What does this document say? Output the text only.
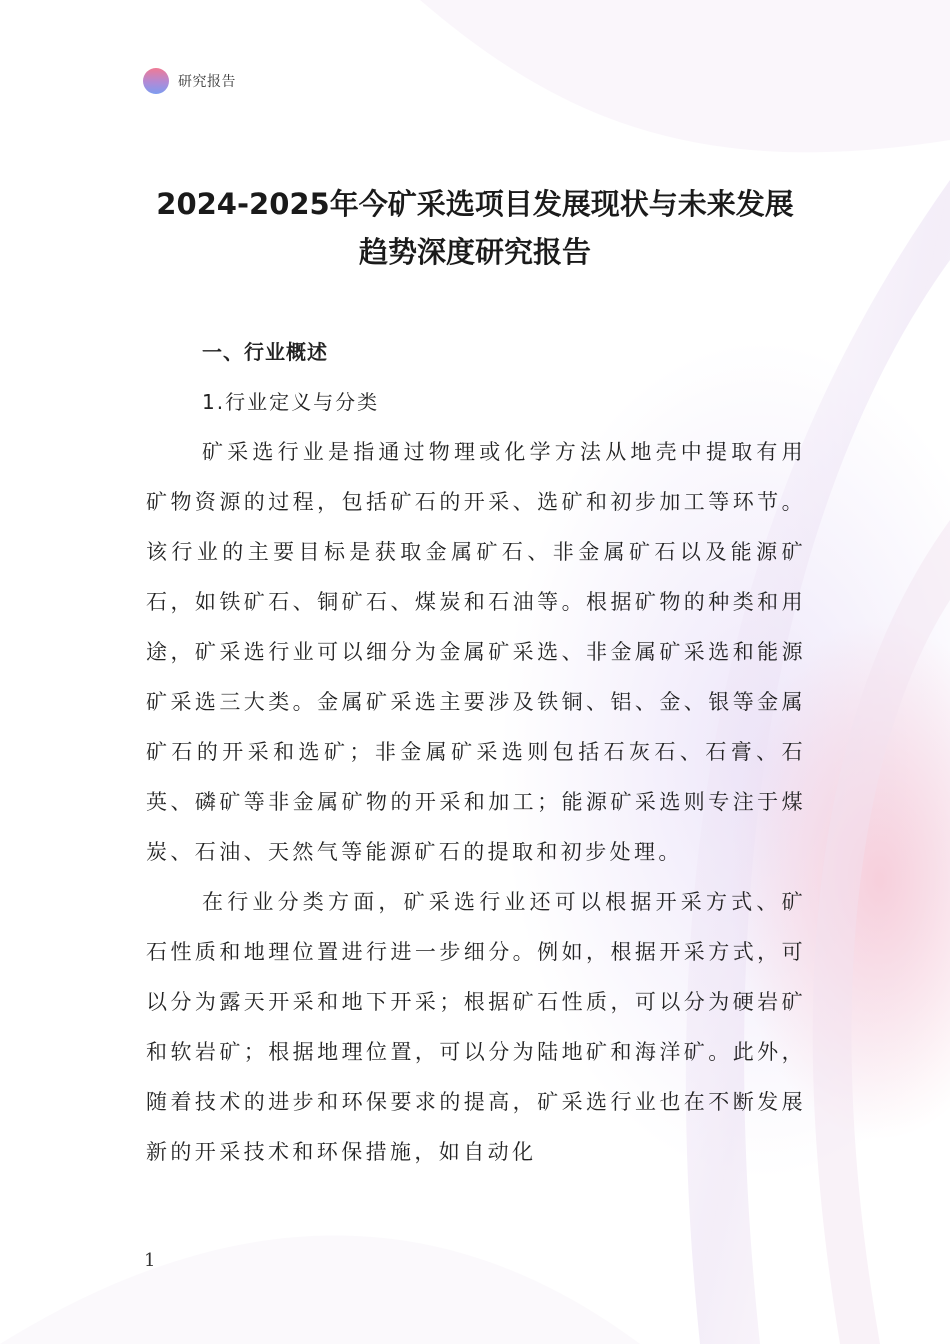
研究报告
2024-2025年今矿采选项目发展现状与未来发展
趋势深度研究报告

一、行业概述

1.行业定义与分类

矿采选行业是指通过物理或化学方法从地壳中提取有用矿物资源的过程，包括矿石的开采、选矿和初步加工等环节。该行业的主要目标是获取金属矿石、非金属矿石以及能源矿石，如铁矿石、铜矿石、煤炭和石油等。根据矿物的种类和用途，矿采选行业可以细分为金属矿采选、非金属矿采选和能源矿采选三大类。金属矿采选主要涉及铁铜、铝、金、银等金属矿石的开采和选矿；非金属矿采选则包括石灰石、石膏、石英、磷矿等非金属矿物的开采和加工；能源矿采选则专注于煤炭、石油、天然气等能源矿石的提取和初步处理。

在行业分类方面，矿采选行业还可以根据开采方式、矿石性质和地理位置进行进一步细分。例如，根据开采方式，可以分为露天开采和地下开采；根据矿石性质，可以分为硬岩矿和软岩矿；根据地理位置，可以分为陆地矿和海洋矿。此外，随着技术的进步和环保要求的提高，矿采选行业也在不断发展新的开采技术和环保措施，如自动化

1
